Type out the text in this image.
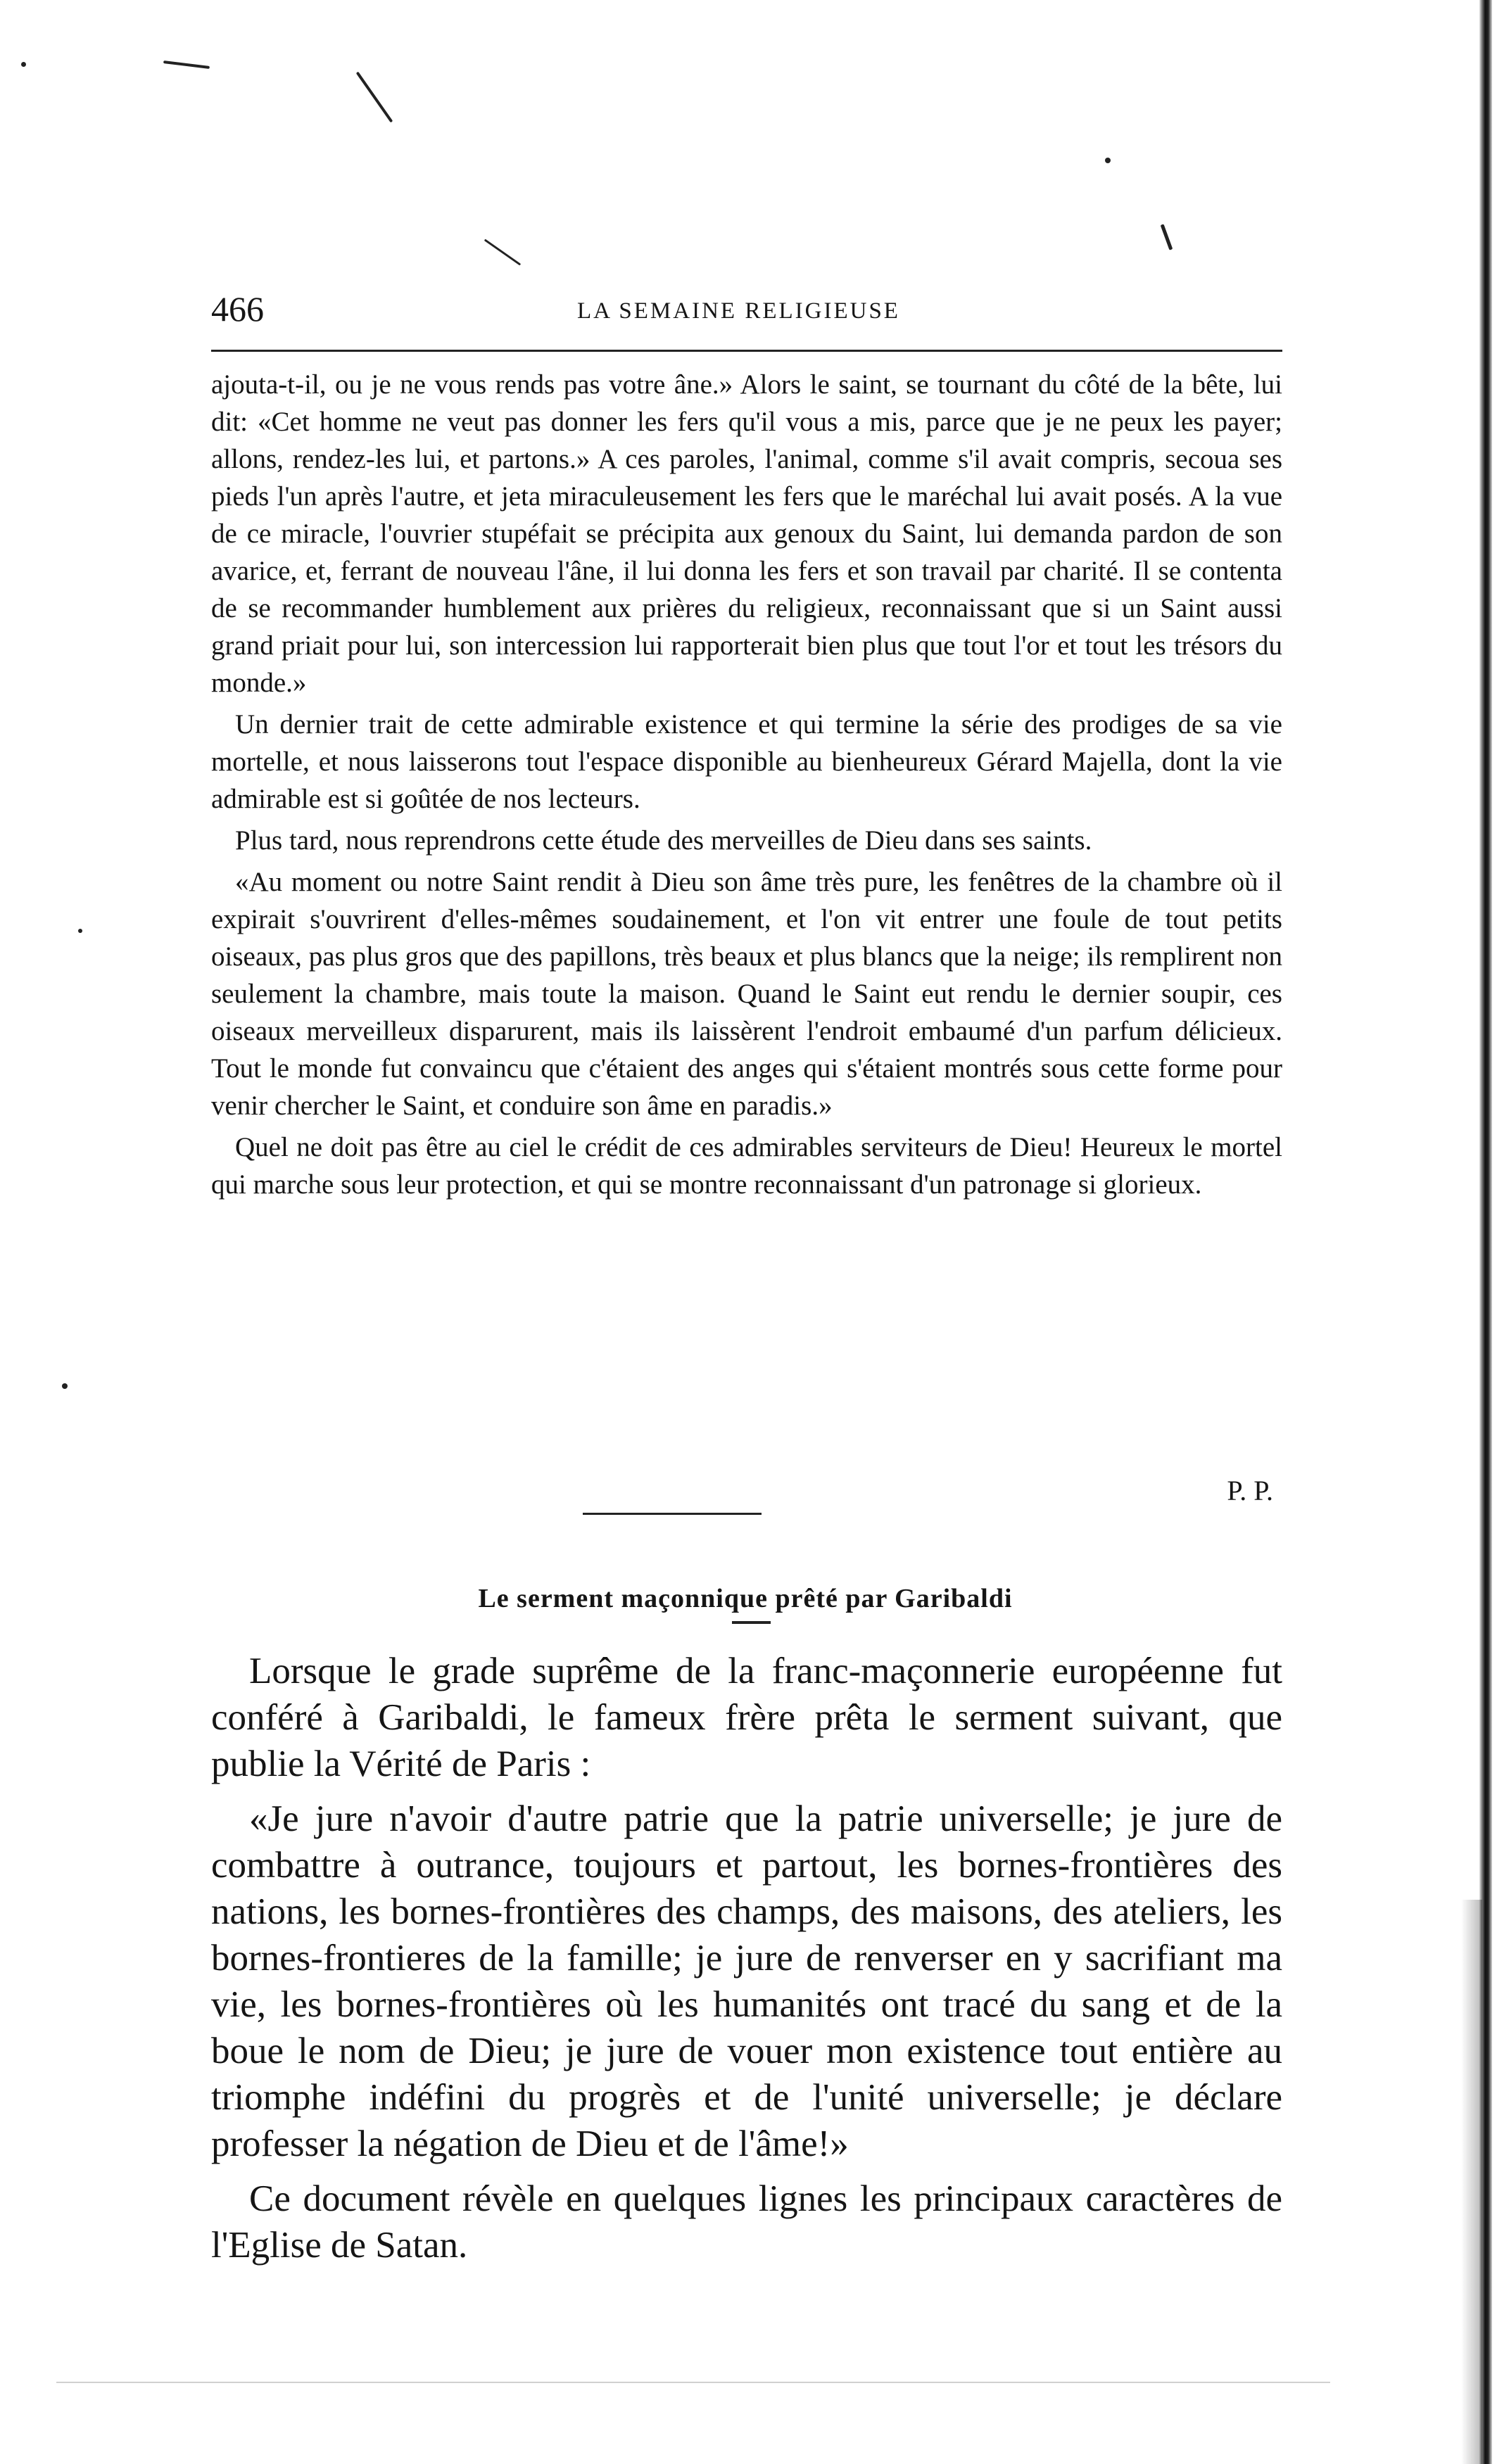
466	LA SEMAINE RELIGIEUSE

ajouta-t-il, ou je ne vous rends pas votre âne.» Alors le saint, se tournant du côté de la bête, lui dit: «Cet homme ne veut pas donner les fers qu'il vous a mis, parce que je ne peux les payer; allons, rendez-les lui, et partons.» A ces paroles, l'animal, comme s'il avait compris, secoua ses pieds l'un après l'autre, et jeta miraculeusement les fers que le maréchal lui avait posés. A la vue de ce miracle, l'ouvrier stupéfait se précipita aux genoux du Saint, lui demanda pardon de son avarice, et, ferrant de nouveau l'âne, il lui donna les fers et son travail par charité. Il se contenta de se recommander humblement aux prières du religieux, reconnaissant que si un Saint aussi grand priait pour lui, son intercession lui rapporterait bien plus que tout l'or et tout les trésors du monde.»

Un dernier trait de cette admirable existence et qui termine la série des prodiges de sa vie mortelle, et nous laisserons tout l'espace disponible au bienheureux Gérard Majella, dont la vie admirable est si goûtée de nos lecteurs.

Plus tard, nous reprendrons cette étude des merveilles de Dieu dans ses saints.

«Au moment ou notre Saint rendit à Dieu son âme très pure, les fenêtres de la chambre où il expirait s'ouvrirent d'elles-mêmes soudainement, et l'on vit entrer une foule de tout petits oiseaux, pas plus gros que des papillons, très beaux et plus blancs que la neige; ils remplirent non seulement la chambre, mais toute la maison. Quand le Saint eut rendu le dernier soupir, ces oiseaux merveilleux disparurent, mais ils laissèrent l'endroit embaumé d'un parfum délicieux. Tout le monde fut convaincu que c'étaient des anges qui s'étaient montrés sous cette forme pour venir chercher le Saint, et conduire son âme en paradis.»

Quel ne doit pas être au ciel le crédit de ces admirables serviteurs de Dieu! Heureux le mortel qui marche sous leur protection, et qui se montre reconnaissant d'un patronage si glorieux.

P. P.
Le serment maçonnique prêté par Garibaldi

Lorsque le grade suprême de la franc-maçonnerie européenne fut conféré à Garibaldi, le fameux frère prêta le serment suivant, que publie la Vérité de Paris :

«Je jure n'avoir d'autre patrie que la patrie universelle; je jure de combattre à outrance, toujours et partout, les bornes-frontières des nations, les bornes-frontières des champs, des maisons, des ateliers, les bornes-frontieres de la famille; je jure de renverser en y sacrifiant ma vie, les bornes-frontières où les humanités ont tracé du sang et de la boue le nom de Dieu; je jure de vouer mon existence tout entière au triomphe indéfini du progrès et de l'unité universelle; je déclare professer la négation de Dieu et de l'âme!»

Ce document révèle en quelques lignes les principaux caractères de l'Eglise de Satan.
